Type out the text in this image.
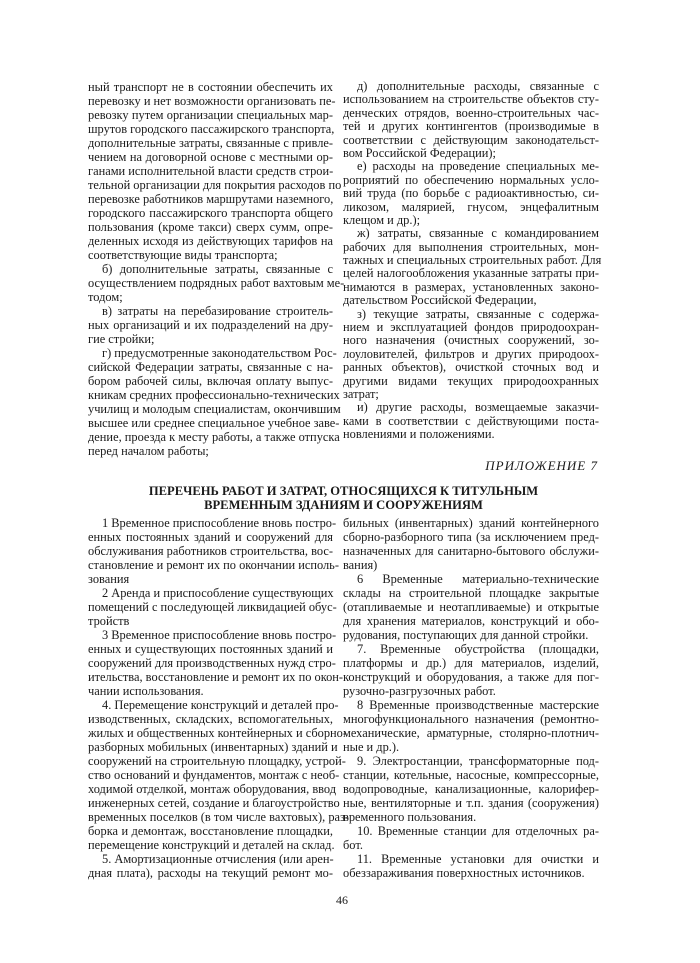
ный транспорт не в состоянии обеспечить их
перевозку и нет возможности организовать пе-
ревозку путем организации специальных мар-
шрутов городского пассажирского транспорта,
дополнительные затраты, связанные с привле-
чением на договорной основе с местными ор-
ганами исполнительной власти средств строи-
тельной организации для покрытия расходов по
перевозке работников маршрутами наземного,
городского пассажирского транспорта общего
пользования (кроме такси) сверх сумм, опре-
деленных исходя из действующих тарифов на
соответствующие виды транспорта;
б) дополнительные затраты, связанные с
осуществлением подрядных работ вахтовым ме-
тодом;
в) затраты на перебазирование строитель-
ных организаций и их подразделений на дру-
гие стройки;
г) предусмотренные законодательством Рос-
сийской Федерации затраты, связанные с на-
бором рабочей силы, включая оплату выпус-
кникам средних профессионально-технических
училищ и молодым специалистам, окончившим
высшее или среднее специальное учебное заве-
дение, проезда к месту работы, а также отпуска
перед началом работы;
д) дополнительные расходы, связанные с
использованием на строительстве объектов сту-
денческих отрядов, военно-строительных час-
тей и других контингентов (производимые в
соответствии с действующим законодательст-
вом Российской Федерации);
е) расходы на проведение специальных ме-
роприятий по обеспечению нормальных усло-
вий труда (по борьбе с радиоактивностью, си-
ликозом, малярией, гнусом, энцефалитным
клещом и др.);
ж) затраты, связанные с командированием
рабочих для выполнения строительных, мон-
тажных и специальных строительных работ. Для
целей налогообложения указанные затраты при-
нимаются в размерах, установленных законо-
дательством Российской Федерации,
з) текущие затраты, связанные с содержа-
нием и эксплуатацией фондов природоохран-
ного назначения (очистных сооружений, зо-
лоуловителей, фильтров и других природоох-
ранных объектов), очисткой сточных вод и
другими видами текущих природоохранных
затрат;
и) другие расходы, возмещаемые заказчи-
ками в соответствии с действующими поста-
новлениями и положениями.
ПРИЛОЖЕНИЕ 7
ПЕРЕЧЕНЬ РАБОТ И ЗАТРАТ, ОТНОСЯЩИХСЯ К ТИТУЛЬНЫМ
ВРЕМЕННЫМ ЗДАНИЯМ И СООРУЖЕНИЯМ
1 Временное приспособление вновь постро-
енных постоянных зданий и сооружений для
обслуживания работников строительства, вос-
становление и ремонт их по окончании исполь-
зования
2 Аренда и приспособление существующих
помещений с последующей ликвидацией обус-
тройств
3 Временное приспособление вновь постро-
енных и существующих постоянных зданий и
сооружений для производственных нужд стро-
ительства, восстановление и ремонт их по окон-
чании использования.
4. Перемещение конструкций и деталей про-
изводственных, складских, вспомогательных,
жилых и общественных контейнерных и сборно-
разборных мобильных (инвентарных) зданий и
сооружений на строительную площадку, устрой-
ство оснований и фундаментов, монтаж с необ-
ходимой отделкой, монтаж оборудования, ввод
инженерных сетей, создание и благоустройство
временных поселков (в том числе вахтовых), раз-
борка и демонтаж, восстановление площадки,
перемещение конструкций и деталей на склад.
5. Амортизационные отчисления (или арен-
дная плата), расходы на текущий ремонт мо-
бильных (инвентарных) зданий контейнерного
сборно-разборного типа (за исключением пред-
назначенных для санитарно-бытового обслужи-
вания)
6 Временные материально-технические
склады на строительной площадке закрытые
(отапливаемые и неотапливаемые) и открытые
для хранения материалов, конструкций и обо-
рудования, поступающих для данной стройки.
7. Временные обустройства (площадки,
платформы и др.) для материалов, изделий,
конструкций и оборудования, а также для пог-
рузочно-разгрузочных работ.
8 Временные производственные мастерские
многофункционального назначения (ремонтно-
механические, арматурные, столярно-плотнич-
ные и др.).
9. Электростанции, трансформаторные под-
станции, котельные, насосные, компрессорные,
водопроводные, канализационные, калорифер-
ные, вентиляторные и т.п. здания (сооружения)
временного пользования.
10. Временные станции для отделочных ра-
бот.
11. Временные установки для очистки и
обеззараживания поверхностных источников.
46
